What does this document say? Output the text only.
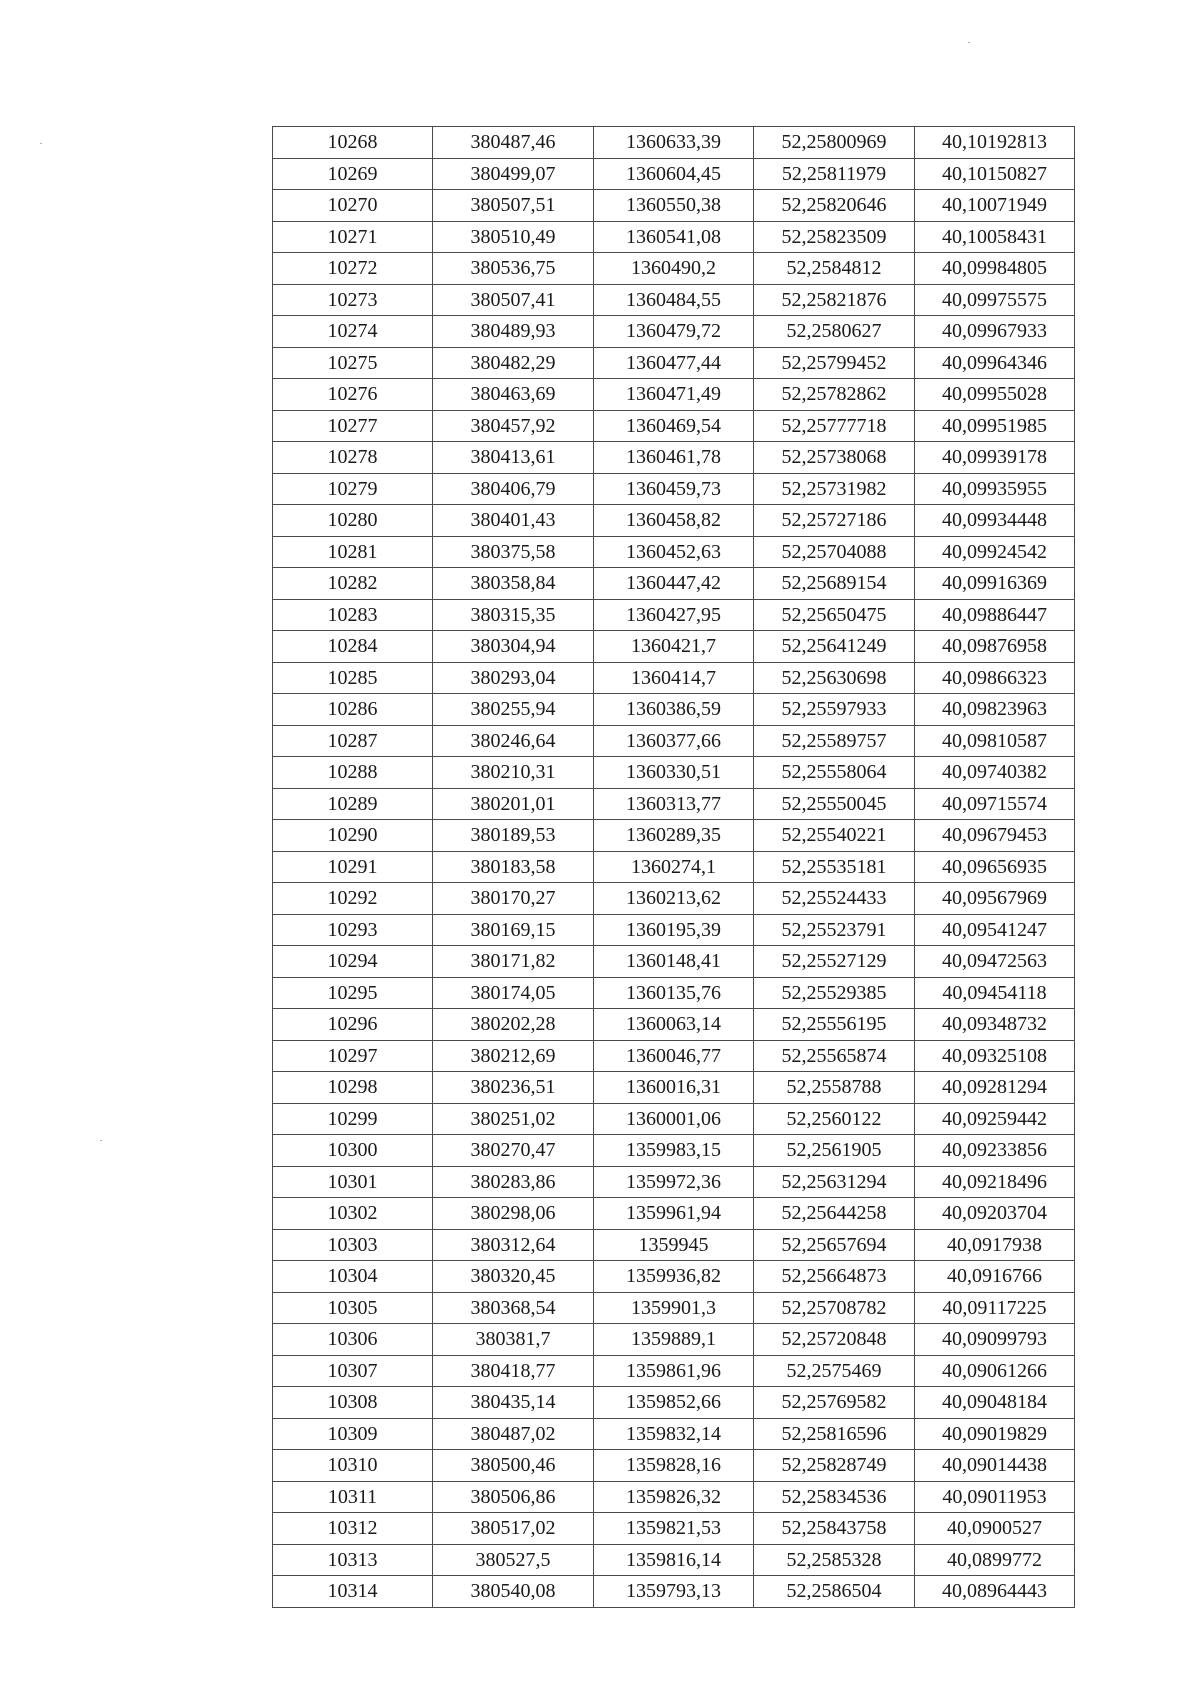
10268	380487,46	1360633,39	52,25800969	40,10192813
10269	380499,07	1360604,45	52,25811979	40,10150827
10270	380507,51	1360550,38	52,25820646	40,10071949
10271	380510,49	1360541,08	52,25823509	40,10058431
10272	380536,75	1360490,2	52,2584812	40,09984805
10273	380507,41	1360484,55	52,25821876	40,09975575
10274	380489,93	1360479,72	52,2580627	40,09967933
10275	380482,29	1360477,44	52,25799452	40,09964346
10276	380463,69	1360471,49	52,25782862	40,09955028
10277	380457,92	1360469,54	52,25777718	40,09951985
10278	380413,61	1360461,78	52,25738068	40,09939178
10279	380406,79	1360459,73	52,25731982	40,09935955
10280	380401,43	1360458,82	52,25727186	40,09934448
10281	380375,58	1360452,63	52,25704088	40,09924542
10282	380358,84	1360447,42	52,25689154	40,09916369
10283	380315,35	1360427,95	52,25650475	40,09886447
10284	380304,94	1360421,7	52,25641249	40,09876958
10285	380293,04	1360414,7	52,25630698	40,09866323
10286	380255,94	1360386,59	52,25597933	40,09823963
10287	380246,64	1360377,66	52,25589757	40,09810587
10288	380210,31	1360330,51	52,25558064	40,09740382
10289	380201,01	1360313,77	52,25550045	40,09715574
10290	380189,53	1360289,35	52,25540221	40,09679453
10291	380183,58	1360274,1	52,25535181	40,09656935
10292	380170,27	1360213,62	52,25524433	40,09567969
10293	380169,15	1360195,39	52,25523791	40,09541247
10294	380171,82	1360148,41	52,25527129	40,09472563
10295	380174,05	1360135,76	52,25529385	40,09454118
10296	380202,28	1360063,14	52,25556195	40,09348732
10297	380212,69	1360046,77	52,25565874	40,09325108
10298	380236,51	1360016,31	52,2558788	40,09281294
10299	380251,02	1360001,06	52,2560122	40,09259442
10300	380270,47	1359983,15	52,2561905	40,09233856
10301	380283,86	1359972,36	52,25631294	40,09218496
10302	380298,06	1359961,94	52,25644258	40,09203704
10303	380312,64	1359945	52,25657694	40,0917938
10304	380320,45	1359936,82	52,25664873	40,0916766
10305	380368,54	1359901,3	52,25708782	40,09117225
10306	380381,7	1359889,1	52,25720848	40,09099793
10307	380418,77	1359861,96	52,2575469	40,09061266
10308	380435,14	1359852,66	52,25769582	40,09048184
10309	380487,02	1359832,14	52,25816596	40,09019829
10310	380500,46	1359828,16	52,25828749	40,09014438
10311	380506,86	1359826,32	52,25834536	40,09011953
10312	380517,02	1359821,53	52,25843758	40,0900527
10313	380527,5	1359816,14	52,2585328	40,0899772
10314	380540,08	1359793,13	52,2586504	40,08964443
